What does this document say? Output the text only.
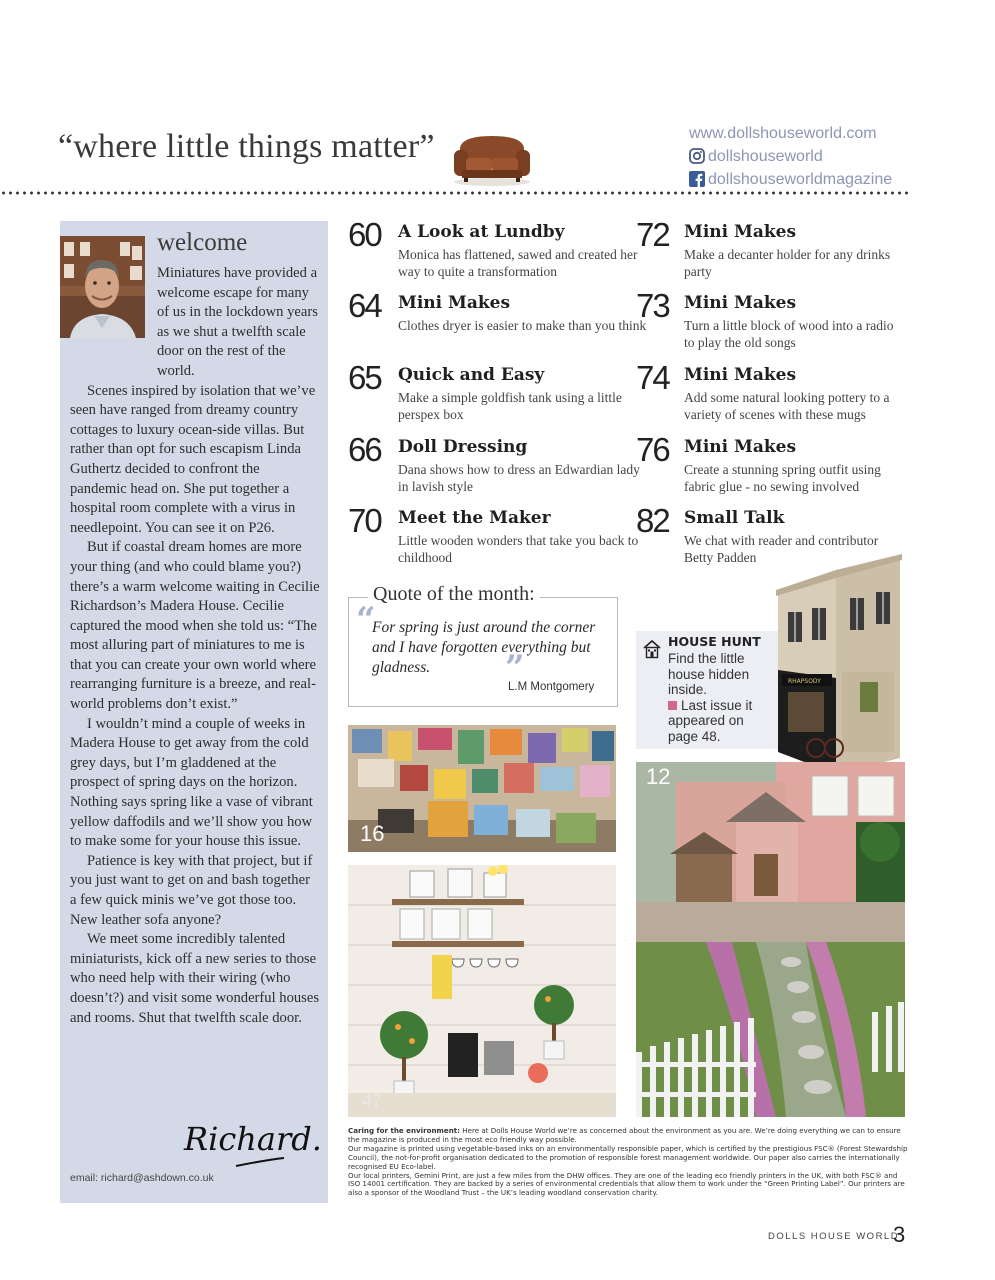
“where little things matter”	www.dollshouseworld.com
dollshouseworld
dollshouseworldmagazine
welcome

Miniatures have provided a welcome escape for many of us in the lockdown years as we shut a twelfth scale door on the rest of the world.

Scenes inspired by isolation that we’ve seen have ranged from dreamy country cottages to luxury ocean-side villas. But rather than opt for such escapism Linda Guthertz decided to confront the pandemic head on. She put together a hospital room complete with a virus in needlepoint. You can see it on P26.

But if coastal dream homes are more your thing (and who could blame you?) there’s a warm welcome waiting in Cecilie Richardson’s Madera House. Cecilie captured the mood when she told us: “The most alluring part of miniatures to me is that you can create your own world where rearranging furniture is a breeze, and real-world problems don’t exist.”

I wouldn’t mind a couple of weeks in Madera House to get away from the cold grey days, but I’m gladdened at the prospect of spring days on the horizon. Nothing says spring like a vase of vibrant yellow daffodils and we’ll show you how to make some for your house this issue.

Patience is key with that project, but if you just want to get on and bash together a few quick minis we’ve got those too. New leather sofa anyone?

We meet some incredibly talented miniaturists, kick off a new series to those who need help with their wiring (who doesn’t?) and visit some wonderful houses and rooms. Shut that twelfth scale door.

Richard.
email: richard@ashdown.co.uk
60 A Look at Lundby
Monica has flattened, sawed and created her way to quite a transformation
64 Mini Makes
Clothes dryer is easier to make than you think
65 Quick and Easy
Make a simple goldfish tank using a little perspex box
66 Doll Dressing
Dana shows how to dress an Edwardian lady in lavish style
70 Meet the Maker
Little wooden wonders that take you back to childhood
72 Mini Makes
Make a decanter holder for any drinks party
73 Mini Makes
Turn a little block of wood into a radio to play the old songs
74 Mini Makes
Add some natural looking pottery to a variety of scenes with these mugs
76 Mini Makes
Create a stunning spring outfit using fabric glue - no sewing involved
82 Small Talk
We chat with reader and contributor Betty Padden
Quote of the month:
“
For spring is just around the corner and I have forgotten everything but gladness.	”
L.M Montgomery
HOUSE HUNT
Find the little house hidden inside.
Last issue it appeared on page 48.
RHAPSODY
16
47
12
Caring for the environment: Here at Dolls House World we’re as concerned about the environment as you are. We’re doing everything we can to ensure the magazine is produced in the most eco friendly way possible.
Our magazine is printed using vegetable-based inks on an environmentally responsible paper, which is certified by the prestigious FSC® (Forest Stewardship Council), the not-for-profit organisation dedicated to the promotion of responsible forest management worldwide. Our paper also carries the internationally recognised EU Eco-label.
Our local printers, Gemini Print, are just a few miles from the DHW offices. They are one of the leading eco friendly printers in the UK, with both FSC® and ISO 14001 certification. They are backed by a series of environmental credentials that allow them to work under the “Green Printing Label”. Our printers are also a sponsor of the Woodland Trust – the UK’s leading woodland conservation charity.
DOLLS HOUSE WORLD
3
